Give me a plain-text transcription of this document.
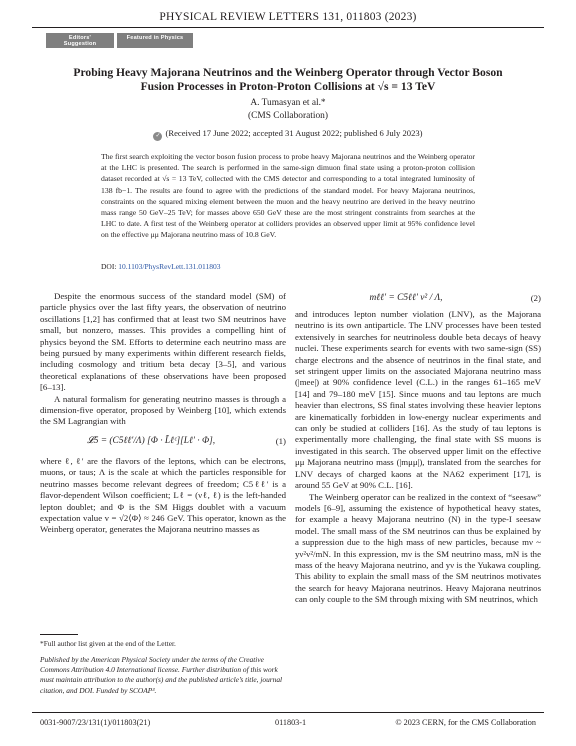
PHYSICAL REVIEW LETTERS 131, 011803 (2023)
Editors' Suggestion
Featured in Physics
Probing Heavy Majorana Neutrinos and the Weinberg Operator through Vector Boson
Fusion Processes in Proton-Proton Collisions at √s = 13 TeV
A. Tumasyan et al.*
(CMS Collaboration)
✓ (Received 17 June 2022; accepted 31 August 2022; published 6 July 2023)
The first search exploiting the vector boson fusion process to probe heavy Majorana neutrinos and the Weinberg operator at the LHC is presented. The search is performed in the same-sign dimuon final state using a proton-proton collision dataset recorded at √s = 13 TeV, collected with the CMS detector and corresponding to a total integrated luminosity of 138 fb−1. The results are found to agree with the predictions of the standard model. For heavy Majorana neutrinos, constraints on the squared mixing element between the muon and the heavy neutrino are derived in the heavy neutrino mass range 50 GeV–25 TeV; for masses above 650 GeV these are the most stringent constraints from searches at the LHC to date. A first test of the Weinberg operator at colliders provides an observed upper limit at 95% confidence level on the effective μμ Majorana neutrino mass of 10.8 GeV.
DOI: 10.1103/PhysRevLett.131.011803

Despite the enormous success of the standard model (SM) of particle physics over the last fifty years, the observation of neutrino oscillations [1,2] has confirmed that at least two SM neutrinos have small, but nonzero, masses. This provides a compelling hint of physics beyond the SM. Efforts to determine each neutrino mass are being pursued by many experiments within different research fields, including cosmology and tritium beta decay [3–5], and various theoretical explanations of these observations have been proposed [6–13].

A natural formalism for generating neutrino masses is through a dimension-five operator, proposed by Weinberg [10], which extends the SM Lagrangian with

𝓛5 = (C5ℓℓ′/Λ) [Φ · L̃ℓᶜ][Lℓ′ · Φ],	(1)

where ℓ, ℓ′ are the flavors of the leptons, which can be electrons, muons, or taus; Λ is the scale at which the particles responsible for neutrino masses become relevant degrees of freedom; C5ℓℓ′ is a flavor-dependent Wilson coefficient; Lℓ = (νℓ, ℓ) is the left-handed lepton doublet; and Φ is the SM Higgs doublet with a vacuum expectation value v = √2⟨Φ⟩ ≈ 246 GeV. This operator, known as the Weinberg operator, generates the Majorana neutrino masses as

mℓℓ′ = C5ℓℓ′ v² / Λ,	(2)

and introduces lepton number violation (LNV), as the Majorana neutrino is its own antiparticle. The LNV processes have been tested extensively in searches for neutrinoless double beta decays of heavy nuclei. These experiments search for events with two same-sign (SS) charge electrons and the absence of neutrinos in the final state, and set stringent upper limits on the associated Majorana neutrino mass (|mee|) at 90% confidence level (C.L.) in the ranges 61–165 meV [14] and 79–180 meV [15]. Since muons and tau leptons are much heavier than electrons, SS final states involving these heavier leptons are kinematically forbidden in low-energy nuclear experiments and can only be studied at colliders [16]. As the study of tau leptons is experimentally more challenging, the final state with SS muons is investigated in this search. The observed upper limit on the effective μμ Majorana neutrino mass (|mμμ|), translated from the searches for LNV decays of charged kaons at the NA62 experiment [17], is around 55 GeV at 90% C.L. [16].

The Weinberg operator can be realized in the context of “seesaw” models [6–9], assuming the existence of hypothetical heavy states, for example a heavy Majorana neutrino (N) in the type-I seesaw model. The small mass of the SM neutrinos can thus be explained by a suppression due to the high mass of new particles, because mν ~ yν²v²/mN. In this expression, mν is the SM neutrino mass, mN is the mass of the heavy Majorana neutrino, and yν is the Yukawa coupling. This ability to explain the small mass of the SM neutrinos motivates the search for heavy Majorana neutrinos. Heavy Majorana neutrinos can only couple to the SM through mixing with SM neutrinos, which

*Full author list given at the end of the Letter.
Published by the American Physical Society under the terms of the Creative Commons Attribution 4.0 International license. Further distribution of this work must maintain attribution to the author(s) and the published article’s title, journal citation, and DOI. Funded by SCOAP³.
0031-9007/23/131(1)/011803(21)	011803-1	© 2023 CERN, for the CMS Collaboration
